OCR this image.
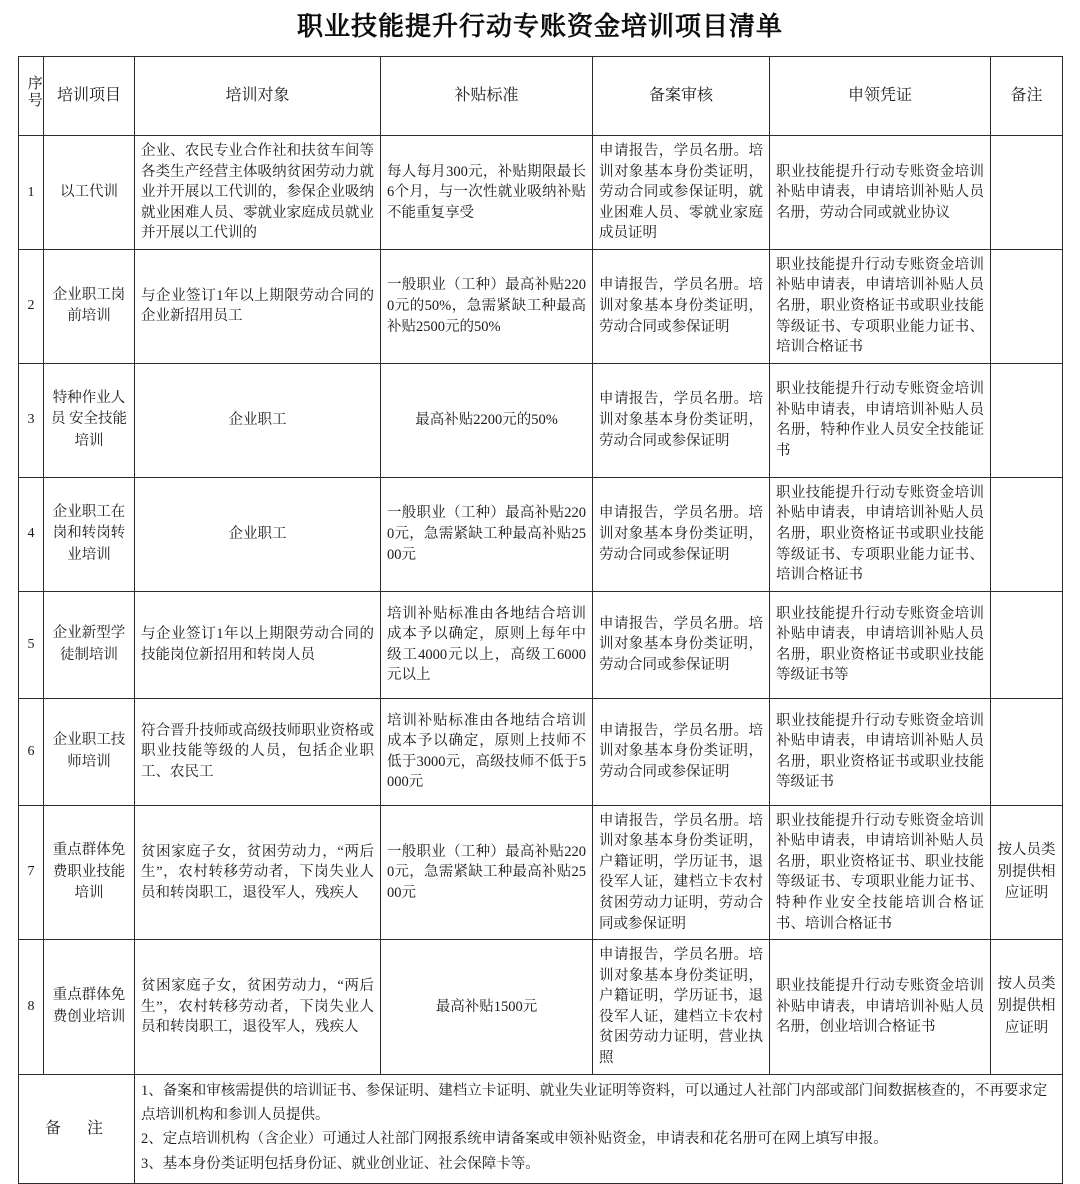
职业技能提升行动专账资金培训项目清单
序号	培训项目	培训对象	补贴标准	备案审核	申领凭证	备注
1	以工代训	企业、农民专业合作社和扶贫车间等各类生产经营主体吸纳贫困劳动力就业并开展以工代训的，参保企业吸纳就业困难人员、零就业家庭成员就业并开展以工代训的	每人每月300元，补贴期限最长6个月，与一次性就业吸纳补贴不能重复享受	申请报告，学员名册。培训对象基本身份类证明，劳动合同或参保证明，就业困难人员、零就业家庭成员证明	职业技能提升行动专账资金培训补贴申请表，申请培训补贴人员名册，劳动合同或就业协议	
2	企业职工岗前培训	与企业签订1年以上期限劳动合同的企业新招用员工	一般职业（工种）最高补贴2200元的50%，急需紧缺工种最高补贴2500元的50%	申请报告，学员名册。培训对象基本身份类证明，劳动合同或参保证明	职业技能提升行动专账资金培训补贴申请表，申请培训补贴人员名册，职业资格证书或职业技能等级证书、专项职业能力证书、培训合格证书	
3	特种作业人员 安全技能培训	企业职工	最高补贴2200元的50%	申请报告，学员名册。培训对象基本身份类证明，劳动合同或参保证明	职业技能提升行动专账资金培训补贴申请表，申请培训补贴人员名册，特种作业人员安全技能证书	
4	企业职工在岗和转岗转业培训	企业职工	一般职业（工种）最高补贴2200元，急需紧缺工种最高补贴2500元	申请报告，学员名册。培训对象基本身份类证明，劳动合同或参保证明	职业技能提升行动专账资金培训补贴申请表，申请培训补贴人员名册，职业资格证书或职业技能等级证书、专项职业能力证书、培训合格证书	
5	企业新型学徒制培训	与企业签订1年以上期限劳动合同的技能岗位新招用和转岗人员	培训补贴标准由各地结合培训成本予以确定，原则上每年中级工4000元以上，高级工6000元以上	申请报告，学员名册。培训对象基本身份类证明，劳动合同或参保证明	职业技能提升行动专账资金培训补贴申请表，申请培训补贴人员名册，职业资格证书或职业技能等级证书等	
6	企业职工技师培训	符合晋升技师或高级技师职业资格或职业技能等级的人员，包括企业职工、农民工	培训补贴标准由各地结合培训成本予以确定，原则上技师不低于3000元，高级技师不低于5000元	申请报告，学员名册。培训对象基本身份类证明，劳动合同或参保证明	职业技能提升行动专账资金培训补贴申请表，申请培训补贴人员名册，职业资格证书或职业技能等级证书	
7	重点群体免费职业技能培训	贫困家庭子女，贫困劳动力，“两后生”，农村转移劳动者，下岗失业人员和转岗职工，退役军人，残疾人	一般职业（工种）最高补贴2200元，急需紧缺工种最高补贴2500元	申请报告，学员名册。培训对象基本身份类证明，户籍证明，学历证书，退役军人证，建档立卡农村贫困劳动力证明，劳动合同或参保证明	职业技能提升行动专账资金培训补贴申请表，申请培训补贴人员名册，职业资格证书、职业技能等级证书、专项职业能力证书、特种作业安全技能培训合格证书、培训合格证书	按人员类别提供相应证明
8	重点群体免费创业培训	贫困家庭子女，贫困劳动力，“两后生”，农村转移劳动者，下岗失业人员和转岗职工，退役军人，残疾人	最高补贴1500元	申请报告，学员名册。培训对象基本身份类证明，户籍证明，学历证书，退役军人证，建档立卡农村贫困劳动力证明，营业执照	职业技能提升行动专账资金培训补贴申请表，申请培训补贴人员名册，创业培训合格证书	按人员类别提供相应证明
备　注		1、备案和审核需提供的培训证书、参保证明、建档立卡证明、就业失业证明等资料，可以通过人社部门内部或部门间数据核查的，不再要求定点培训机构和参训人员提供。

2、定点培训机构（含企业）可通过人社部门网报系统申请备案或申领补贴资金，申请表和花名册可在网上填写申报。

3、基本身份类证明包括身份证、就业创业证、社会保障卡等。				
